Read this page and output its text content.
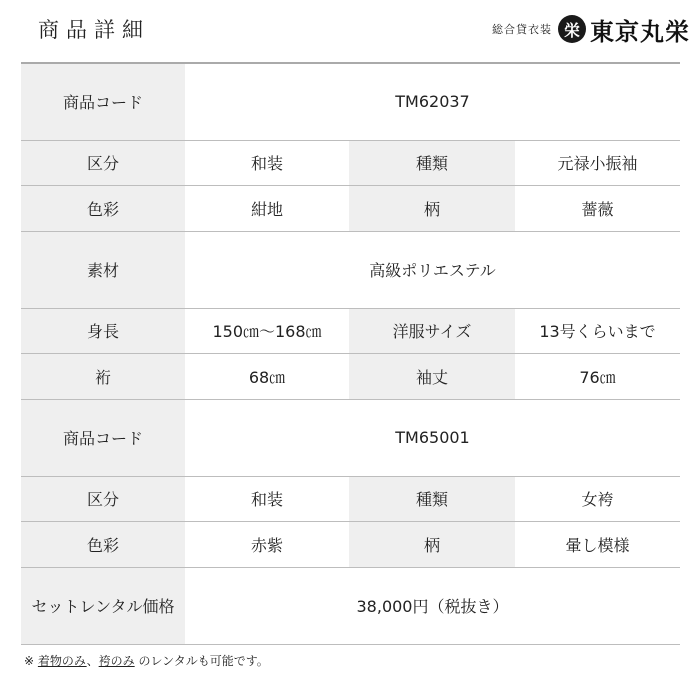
商品詳細	総合貸衣装 栄 東京丸栄
商品コード	TM62037		
区分	和装	種類	元禄小振袖
色彩	紺地	柄	薔薇
素材	高級ポリエステル		
身長	150㎝～168㎝	洋服サイズ	13号くらいまで
裄	68㎝	袖丈	76㎝
商品コード	TM65001		
区分	和装	種類	女袴
色彩	赤紫	柄	暈し模様
セットレンタル価格	38,000円（税抜き）		
※ 着物のみ、袴のみ のレンタルも可能です。
